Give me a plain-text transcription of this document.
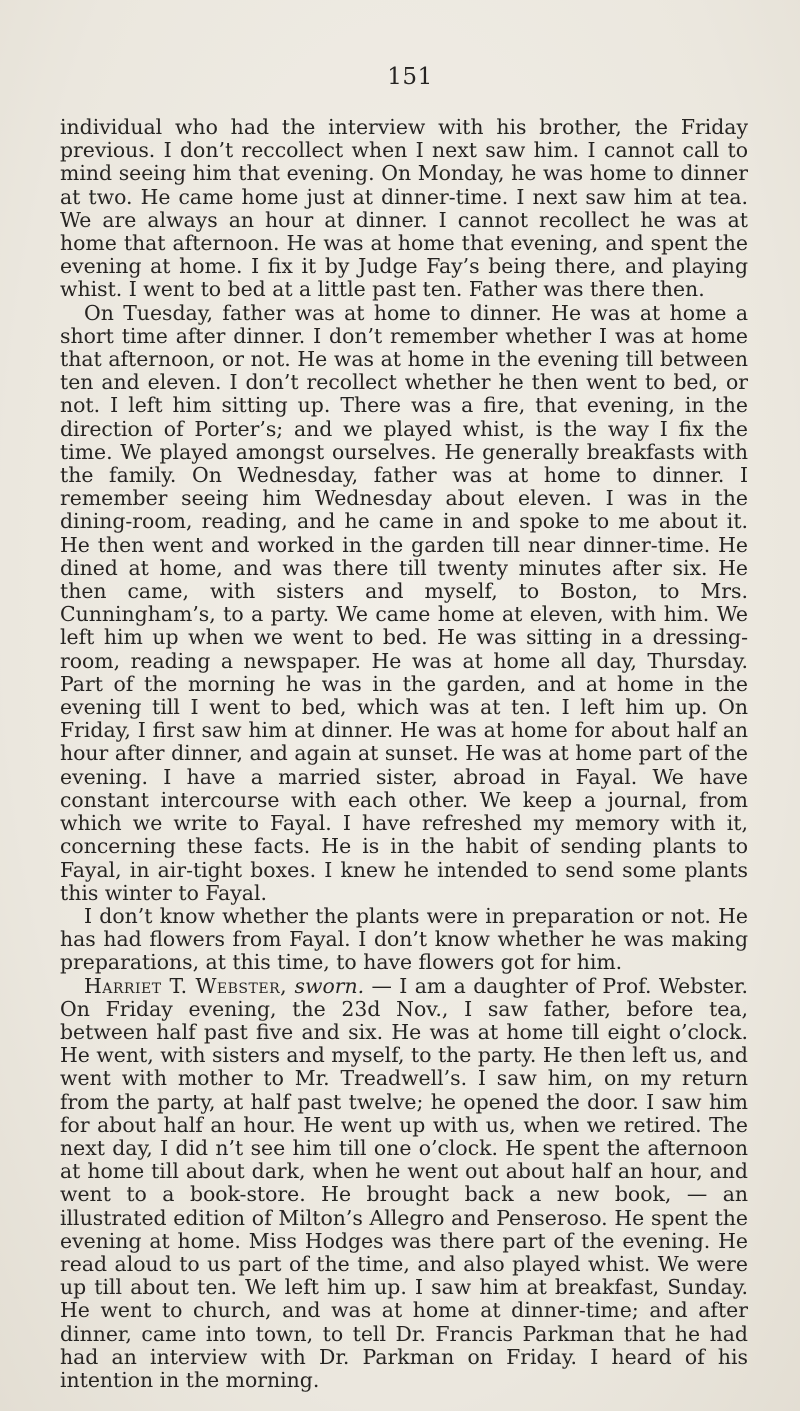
151

individual who had the interview with his brother, the Friday previous. I don’t reccollect when I next saw him. I cannot call to mind seeing him that evening. On Monday, he was home to dinner at two. He came home just at dinner-time. I next saw him at tea. We are always an hour at dinner. I cannot recollect he was at home that afternoon. He was at home that evening, and spent the evening at home. I fix it by Judge Fay’s being there, and playing whist. I went to bed at a little past ten. Father was there then.

On Tuesday, father was at home to dinner. He was at home a short time after dinner. I don’t remember whether I was at home that afternoon, or not. He was at home in the evening till between ten and eleven. I don’t recollect whether he then went to bed, or not. I left him sitting up. There was a fire, that evening, in the direction of Porter’s; and we played whist, is the way I fix the time. We played amongst ourselves. He generally breakfasts with the family. On Wednesday, father was at home to dinner. I remember seeing him Wednesday about eleven. I was in the dining-room, reading, and he came in and spoke to me about it. He then went and worked in the garden till near dinner-time. He dined at home, and was there till twenty minutes after six. He then came, with sisters and myself, to Boston, to Mrs. Cunningham’s, to a party. We came home at eleven, with him. We left him up when we went to bed. He was sitting in a dressing-room, reading a newspaper. He was at home all day, Thursday. Part of the morning he was in the garden, and at home in the evening till I went to bed, which was at ten. I left him up. On Friday, I first saw him at dinner. He was at home for about half an hour after dinner, and again at sunset. He was at home part of the evening. I have a married sister, abroad in Fayal. We have constant intercourse with each other. We keep a journal, from which we write to Fayal. I have refreshed my memory with it, concerning these facts. He is in the habit of sending plants to Fayal, in air-tight boxes. I knew he intended to send some plants this winter to Fayal.

I don’t know whether the plants were in preparation or not. He has had flowers from Fayal. I don’t know whether he was making preparations, at this time, to have flowers got for him.

Harriet T. Webster, sworn. — I am a daughter of Prof. Webster. On Friday evening, the 23d Nov., I saw father, before tea, between half past five and six. He was at home till eight o’clock. He went, with sisters and myself, to the party. He then left us, and went with mother to Mr. Treadwell’s. I saw him, on my return from the party, at half past twelve; he opened the door. I saw him for about half an hour. He went up with us, when we retired. The next day, I did n’t see him till one o’clock. He spent the afternoon at home till about dark, when he went out about half an hour, and went to a book-store. He brought back a new book, — an illustrated edition of Milton’s Allegro and Penseroso. He spent the evening at home. Miss Hodges was there part of the evening. He read aloud to us part of the time, and also played whist. We were up till about ten. We left him up. I saw him at breakfast, Sunday. He went to church, and was at home at dinner-time; and after dinner, came into town, to tell Dr. Francis Parkman that he had had an interview with Dr. Parkman on Friday. I heard of his intention in the morning.
